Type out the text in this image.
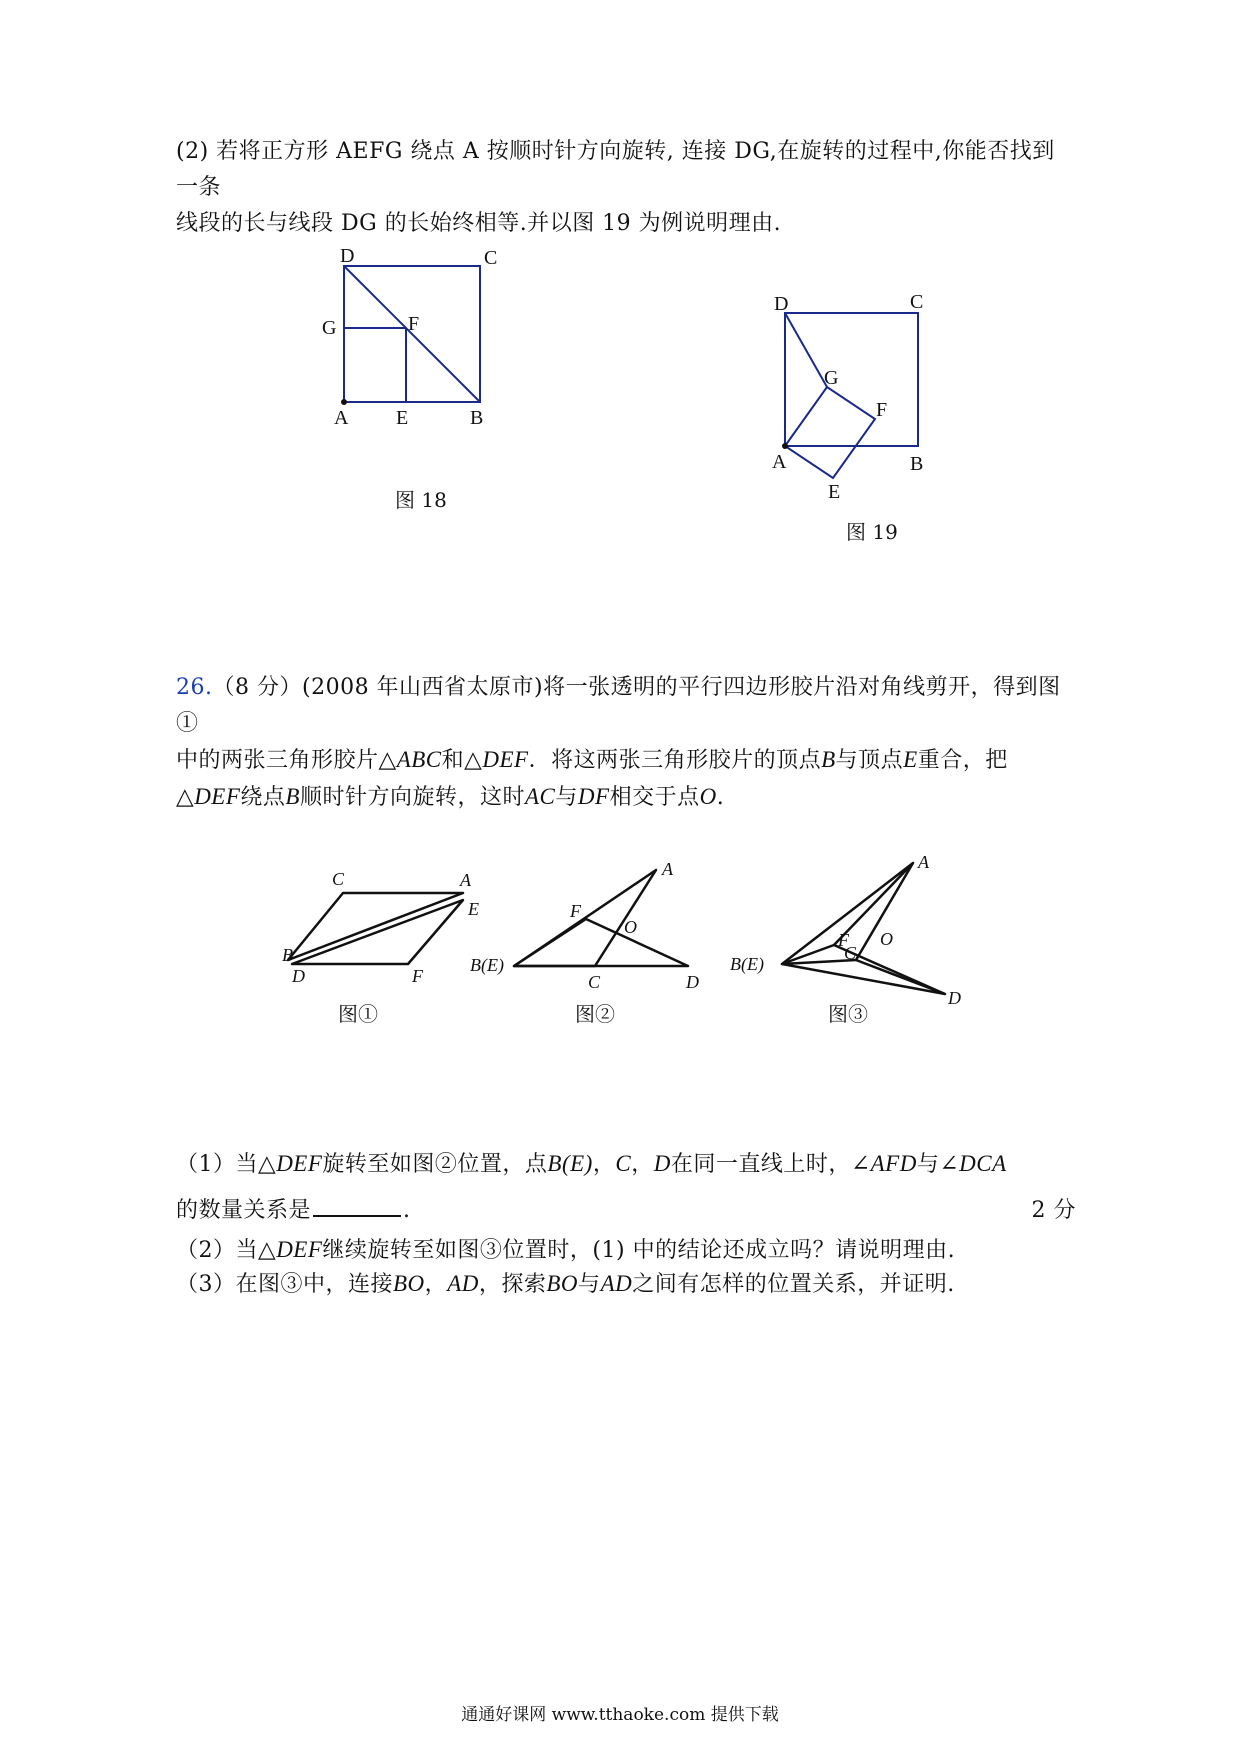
(2) 若将正方形 AEFG 绕点 A 按顺时针方向旋转, 连接 DG,在旋转的过程中,你能否找到一条

线段的长与线段 DG 的长始终相等.并以图 19 为例说明理由.

D	C
G	F
A E	B
图 18
D	C
G
F
A	B
E
图 19

26.（8 分）(2008 年山西省太原市)将一张透明的平行四边形胶片沿对角线剪开，得到图①

中的两张三角形胶片△ABC和△DEF．将这两张三角形胶片的顶点B与顶点E重合，把

△DEF绕点B顺时针方向旋转，这时AC与DF相交于点O.

C	A
E
B
D	F
图①
A
F
O
B(E)
C	D
图②
A
F O
C
B(E)
D
图③

（1）当△DEF旋转至如图②位置，点B(E)，C，D在同一直线上时，∠AFD与∠DCA

的数量关系是	.	2 分

（2）当△DEF继续旋转至如图③位置时，(1) 中的结论还成立吗？请说明理由.

（3）在图③中，连接BO，AD，探索BO与AD之间有怎样的位置关系，并证明.

通通好课网 www.tthaoke.com 提供下载
